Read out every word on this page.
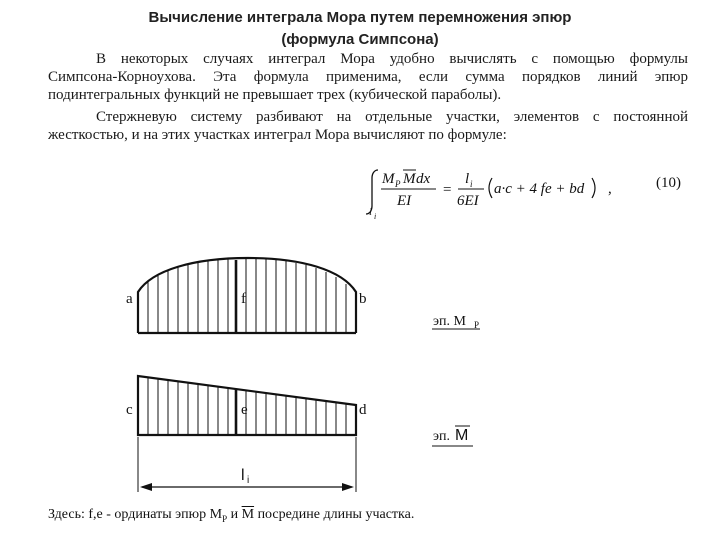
Вычисление интеграла Мора путем перемножения эпюр
(формула Симпсона)
В некоторых случаях интеграл Мора удобно вычислять с помощью формулы
Симпсона-Корноухова. Эта формула применима, если сумма порядков линий эпюр
подинтегральных функций не превышает трех (кубической параболы).
Стержневую систему разбивают на отдельные участки, элементов с постоянной
жесткостью, и на этих участках интеграл Мора вычисляют по формуле:
l i
M P M dx
EI
=
l i
6EI
a·c + 4 fe + bd ,
l i
эп. M P
эп. M
(10)
a	f	b
c	e	d
Здесь: f,e - ординаты эпюр $M_P$ и $\overline{M}$ посредине длины участка.
